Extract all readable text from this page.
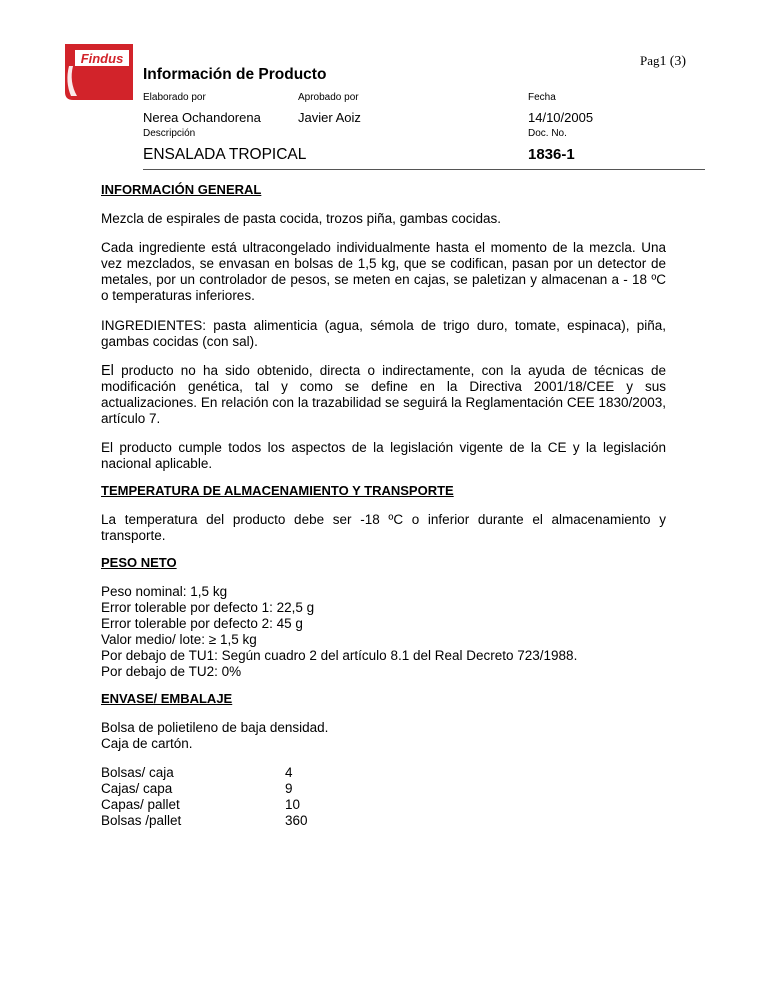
Findus	Pag1 (3)
Información de Producto
Elaborado por	Aprobado por	Fecha
Nerea Ochandorena	Javier Aoiz	14/10/2005
Descripción	Doc. No.
ENSALADA TROPICAL	1836-1
INFORMACIÓN GENERAL

Mezcla de espirales de pasta cocida, trozos piña, gambas cocidas.

Cada ingrediente está ultracongelado individualmente hasta el momento de la mezcla. Una vez mezclados, se envasan en bolsas de 1,5 kg, que se codifican, pasan por un detector de metales, por un controlador de pesos, se meten en cajas, se paletizan y almacenan a - 18 ºC o temperaturas inferiores.

INGREDIENTES: pasta alimenticia (agua, sémola de trigo duro, tomate, espinaca), piña, gambas cocidas (con sal).

El producto no ha sido obtenido, directa o indirectamente, con la ayuda de técnicas de modificación genética, tal y como se define en la Directiva 2001/18/CEE y sus actualizaciones. En relación con la trazabilidad se seguirá la Reglamentación CEE 1830/2003, artículo 7.

El producto cumple todos los aspectos de la legislación vigente de la CE y la legislación nacional aplicable.

TEMPERATURA DE ALMACENAMIENTO Y TRANSPORTE

La temperatura del producto debe ser -18 ºC o inferior durante el almacenamiento y transporte.

PESO NETO
Peso nominal: 1,5 kg
Error tolerable por defecto 1: 22,5 g
Error tolerable por defecto 2: 45 g
Valor medio/ lote: ≥ 1,5 kg
Por debajo de TU1: Según cuadro 2 del artículo 8.1 del Real Decreto 723/1988.
Por debajo de TU2: 0%
ENVASE/ EMBALAJE
Bolsa de polietileno de baja densidad.
Caja de cartón.
Bolsas/ caja	4
Cajas/ capa	9
Capas/ pallet	10
Bolsas /pallet	360
